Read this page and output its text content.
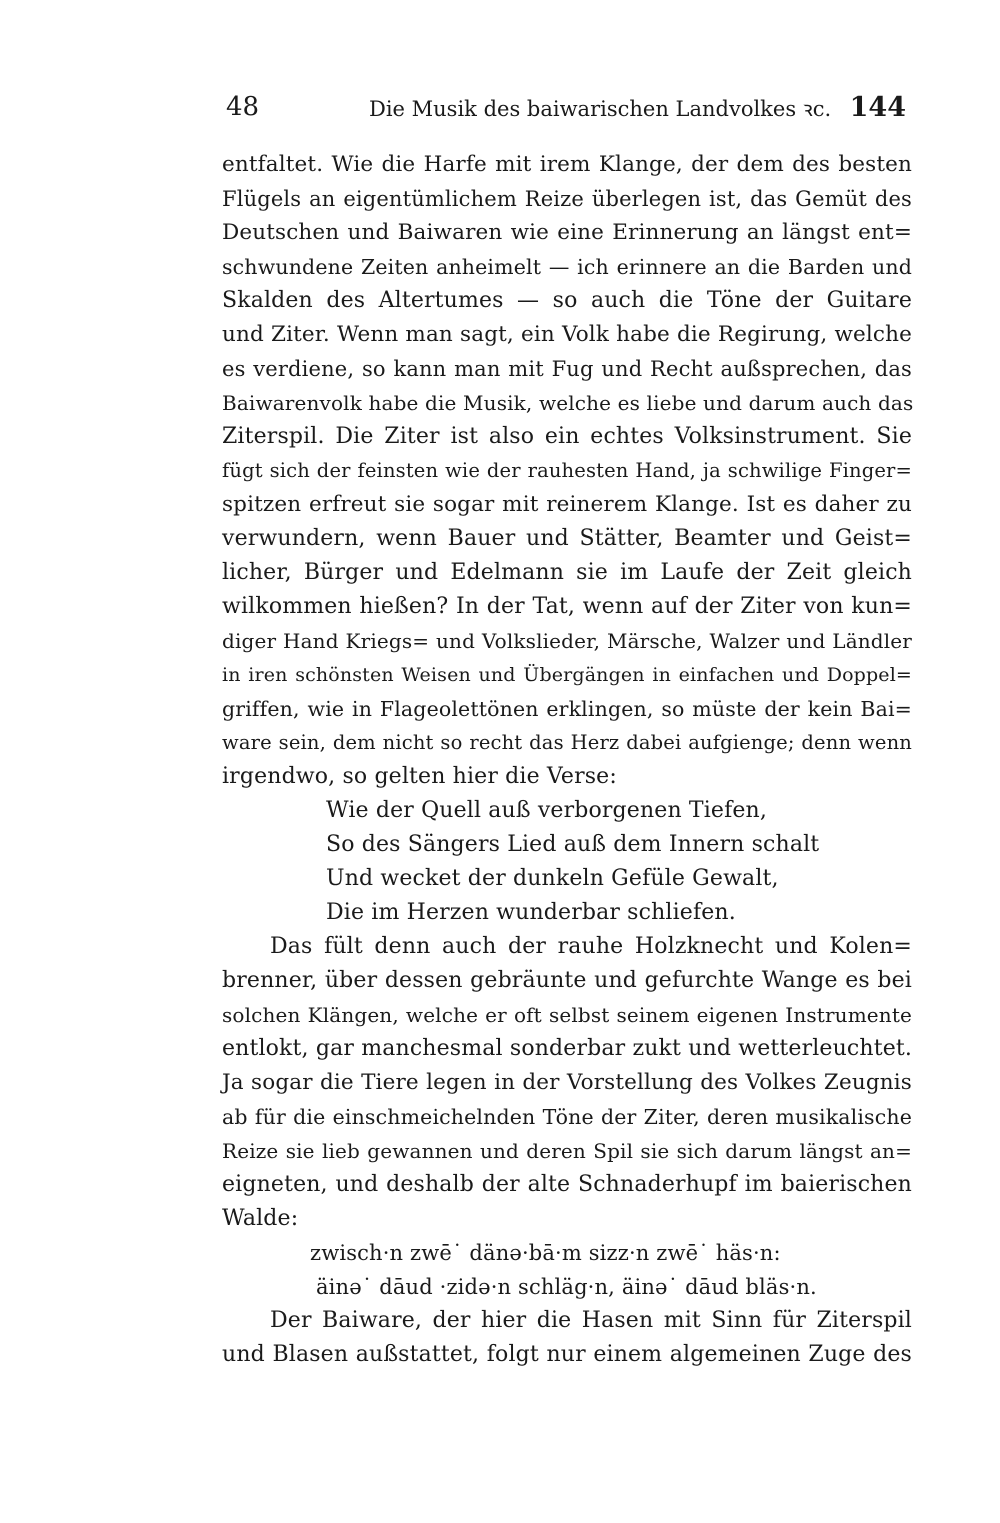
48	Die Musik des baiwarischen Landvolkes ꝛc. 144
entfaltet. Wie die Harfe mit irem Klange, der dem des besten
Flügels an eigentümlichem Reize überlegen ist, das Gemüt des
Deutschen und Baiwaren wie eine Erinnerung an längst ent=
schwundene Zeiten anheimelt — ich erinnere an die Barden und
Skalden des Altertumes — so auch die Töne der Guitare
und Ziter. Wenn man sagt, ein Volk habe die Regirung, welche
es verdiene, so kann man mit Fug und Recht außsprechen, das
Baiwarenvolk habe die Musik, welche es liebe und darum auch das
Ziterspil. Die Ziter ist also ein echtes Volksinstrument. Sie
fügt sich der feinsten wie der rauhesten Hand, ja schwilige Finger=
spitzen erfreut sie sogar mit reinerem Klange. Ist es daher zu
verwundern, wenn Bauer und Stätter, Beamter und Geist=
licher, Bürger und Edelmann sie im Laufe der Zeit gleich
wilkommen hießen? In der Tat, wenn auf der Ziter von kun=
diger Hand Kriegs= und Volkslieder, Märsche, Walzer und Ländler
in iren schönsten Weisen und Übergängen in einfachen und Doppel=
griffen, wie in Flageolettönen erklingen, so müste der kein Bai=
ware sein, dem nicht so recht das Herz dabei aufgienge; denn wenn
irgendwo, so gelten hier die Verse:
Wie der Quell auß verborgenen Tiefen,
So des Sängers Lied auß dem Innern schalt
Und wecket der dunkeln Gefüle Gewalt,
Die im Herzen wunderbar schliefen.
Das fült denn auch der rauhe Holzknecht und Kolen=
brenner, über dessen gebräunte und gefurchte Wange es bei
solchen Klängen, welche er oft selbst seinem eigenen Instrumente
entlokt, gar manchesmal sonderbar zukt und wetterleuchtet.
Ja sogar die Tiere legen in der Vorstellung des Volkes Zeugnis
ab für die einschmeichelnden Töne der Ziter, deren musikalische
Reize sie lieb gewannen und deren Spil sie sich darum längst an=
eigneten, und deshalb der alte Schnaderhupf im baierischen
Walde:
zwisch·n zwē˙ dänə·bā·m sizz·n zwē˙ häs·n:
äinə˙ dāud ·zidə·n schläg·n, äinə˙ dāud bläs·n.
Der Baiware, der hier die Hasen mit Sinn für Ziterspil
und Blasen außstattet, folgt nur einem algemeinen Zuge des
